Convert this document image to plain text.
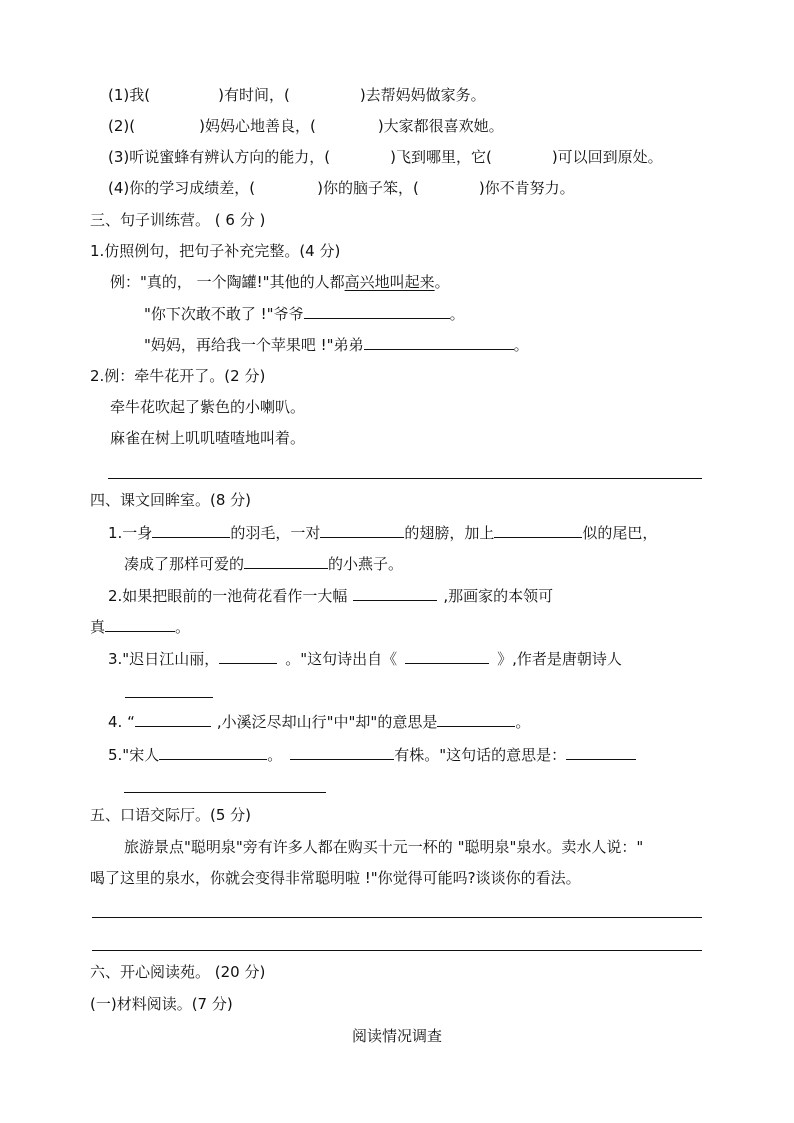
(1)我(	)有时间，(	)去帮妈妈做家务。
(2)(	)妈妈心地善良，(	)大家都很喜欢她。
(3)听说蜜蜂有辨认方向的能力，(	)飞到哪里，它(	)可以回到原处。
(4)你的学习成绩差，(	)你的脑子笨，(	)你不肯努力。
三、句子训练营。 ( 6 分 )
1.仿照例句，把句子补充完整。(4 分)
例："真的， 一个陶罐!"其他的人都高兴地叫起来。
"你下次敢不敢了 !"爷爷	。
"妈妈，再给我一个苹果吧 !"弟弟	。
2.例：牵牛花开了。(2 分)
牵牛花吹起了紫色的小喇叭。
麻雀在树上叽叽喳喳地叫着。
四、课文回眸室。(8 分)
1.一身	的羽毛，一对	的翅膀，加上	似的尾巴，
凑成了那样可爱的	的小燕子。
2.如果把眼前的一池荷花看作一大幅	,那画家的本领可
真	。
3."迟日江山丽，	。"这句诗出自《	》,作者是唐朝诗人
4. “	,小溪泛尽却山行"中"却"的意思是	。
5."宋人	。	有株。"这句话的意思是：
五、口语交际厅。(5 分)
旅游景点"聪明泉"旁有许多人都在购买十元一杯的 "聪明泉"泉水。卖水人说："
喝了这里的泉水，你就会变得非常聪明啦 !"你觉得可能吗?谈谈你的看法。
六、开心阅读苑。 (20 分)
(一)材料阅读。(7 分)
阅读情况调查
